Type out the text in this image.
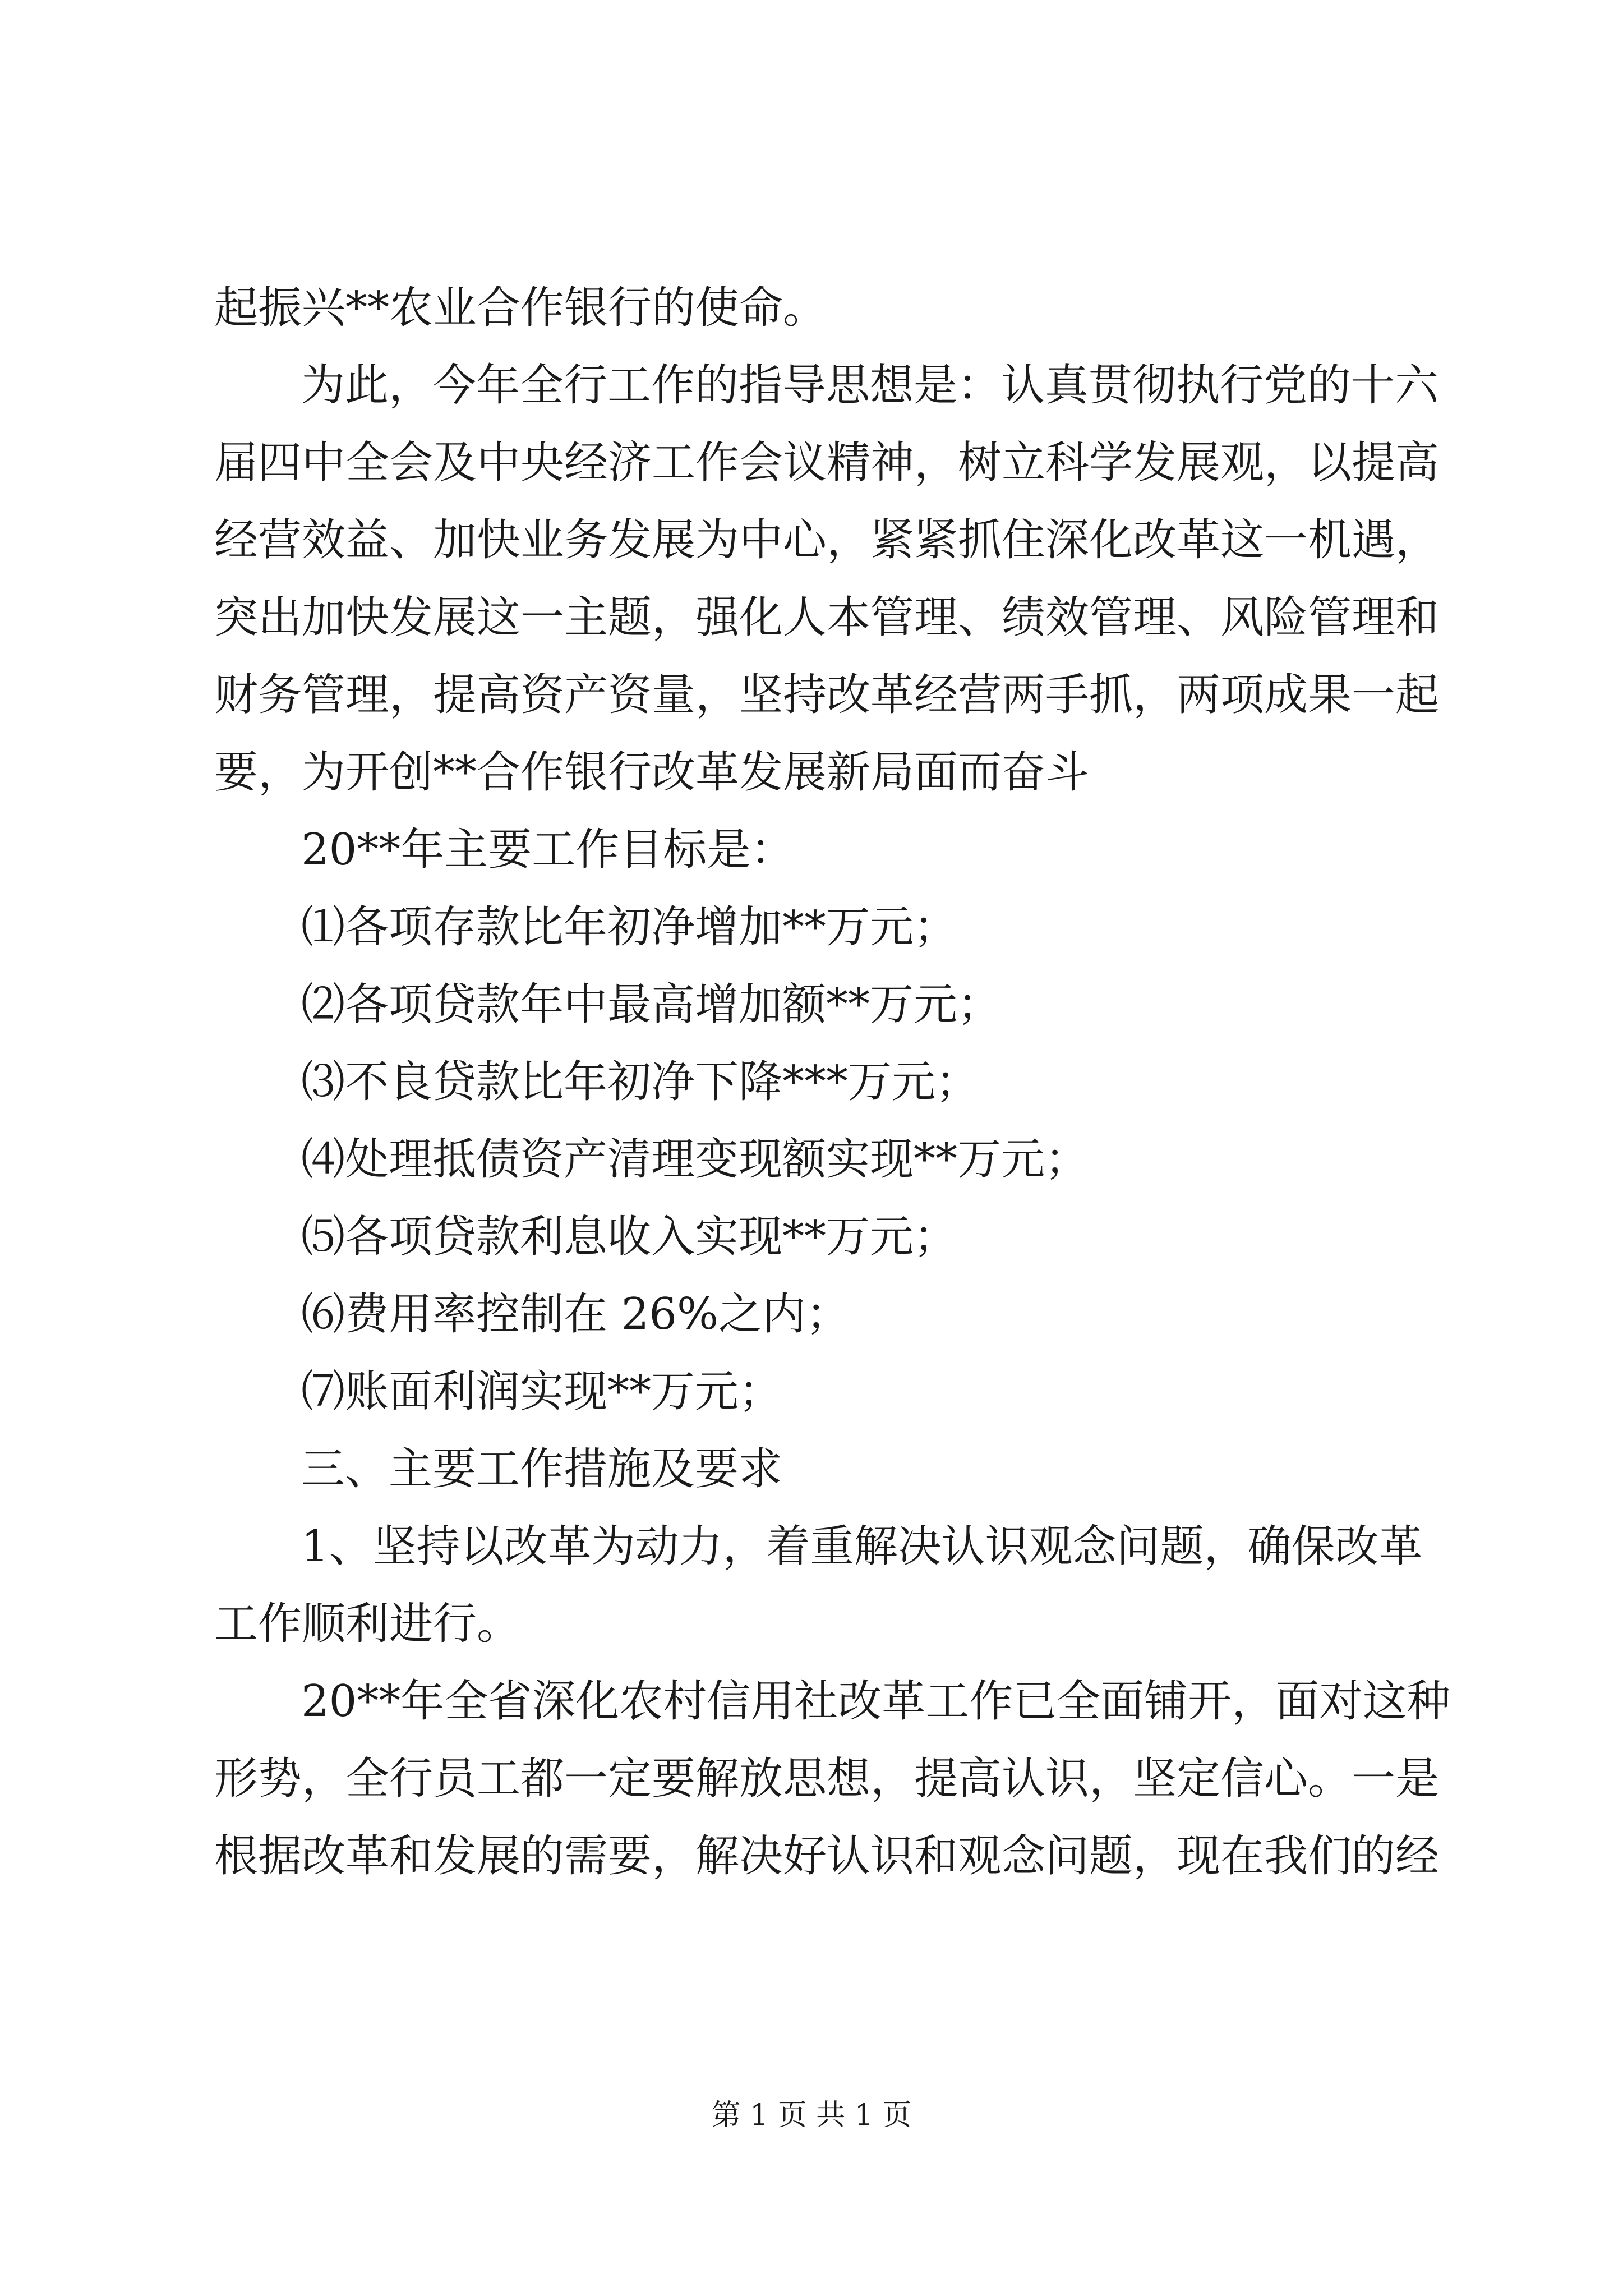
起振兴**农业合作银行的使命。
为此，今年全行工作的指导思想是：认真贯彻执行党的十六
届四中全会及中央经济工作会议精神，树立科学发展观，以提高
经营效益、加快业务发展为中心，紧紧抓住深化改革这一机遇，
突出加快发展这一主题，强化人本管理、绩效管理、风险管理和
财务管理，提高资产资量，坚持改革经营两手抓，两项成果一起
要，为开创**合作银行改革发展新局面而奋斗
20**年主要工作目标是：
⑴各项存款比年初净增加**万元；
⑵各项贷款年中最高增加额**万元；
⑶不良贷款比年初净下降***万元；
⑷处理抵债资产清理变现额实现**万元；
⑸各项贷款利息收入实现**万元；
⑹费用率控制在 26%之内；
⑺账面利润实现**万元；
三、主要工作措施及要求
1、坚持以改革为动力，着重解决认识观念问题，确保改革
工作顺利进行。
20**年全省深化农村信用社改革工作已全面铺开，面对这种
形势，全行员工都一定要解放思想，提高认识，坚定信心。一是
根据改革和发展的需要，解决好认识和观念问题，现在我们的经
第 1 页 共 1 页
